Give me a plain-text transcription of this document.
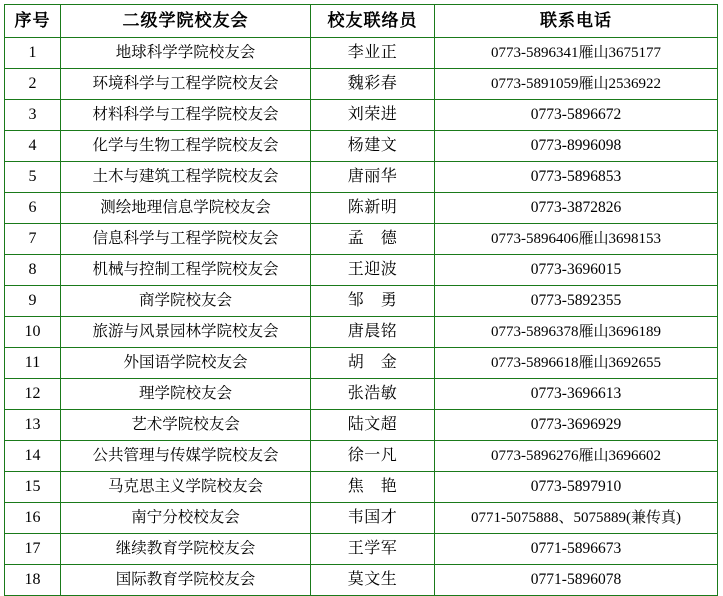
序号	二级学院校友会	校友联络员	联系电话
1	地球科学学院校友会	李业正	0773-5896341雁山3675177
2	环境科学与工程学院校友会	魏彩春	0773-5891059雁山2536922
3	材料科学与工程学院校友会	刘荣进	0773-5896672
4	化学与生物工程学院校友会	杨建文	0773-8996098
5	土木与建筑工程学院校友会	唐丽华	0773-5896853
6	测绘地理信息学院校友会	陈新明	0773-3872826
7	信息科学与工程学院校友会	孟　德	0773-5896406雁山3698153
8	机械与控制工程学院校友会	王迎波	0773-3696015
9	商学院校友会	邹　勇	0773-5892355
10	旅游与风景园林学院校友会	唐晨铭	0773-5896378雁山3696189
11	外国语学院校友会	胡　金	0773-5896618雁山3692655
12	理学院校友会	张浩敏	0773-3696613
13	艺术学院校友会	陆文超	0773-3696929
14	公共管理与传媒学院校友会	徐一凡	0773-5896276雁山3696602
15	马克思主义学院校友会	焦　艳	0773-5897910
16	南宁分校校友会	韦国才	0771-5075888、5075889(兼传真)
17	继续教育学院校友会	王学军	0771-5896673
18	国际教育学院校友会	莫文生	0771-5896078
